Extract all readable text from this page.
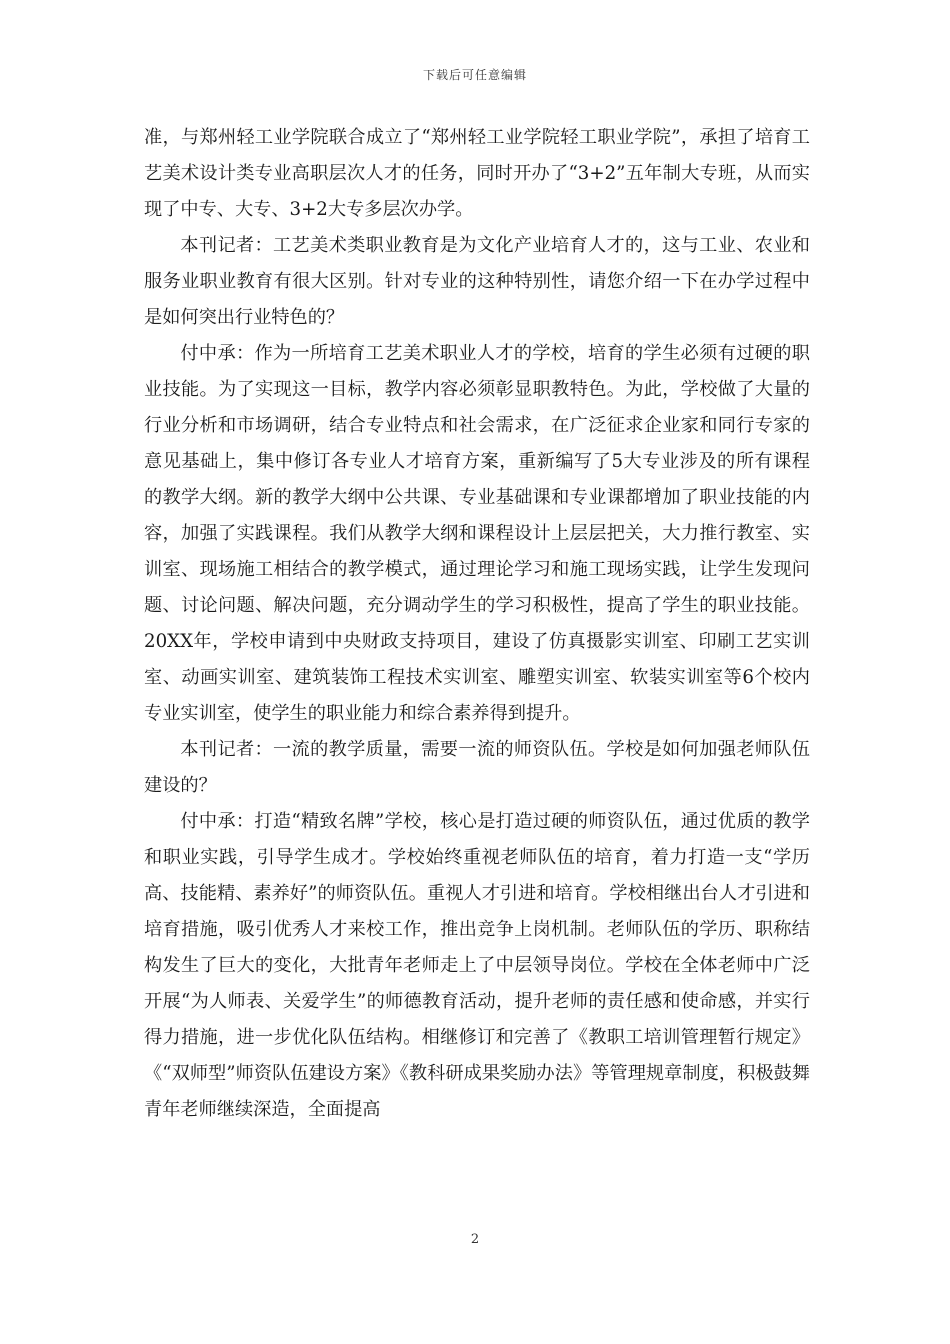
下载后可任意编辑

准，与郑州轻工业学院联合成立了“郑州轻工业学院轻工职业学院”，承担了培育工艺美术设计类专业高职层次人才的任务，同时开办了“3+2”五年制大专班，从而实现了中专、大专、3+2大专多层次办学。

本刊记者：工艺美术类职业教育是为文化产业培育人才的，这与工业、农业和服务业职业教育有很大区别。针对专业的这种特别性，请您介绍一下在办学过程中是如何突出行业特色的？

付中承：作为一所培育工艺美术职业人才的学校，培育的学生必须有过硬的职业技能。为了实现这一目标，教学内容必须彰显职教特色。为此，学校做了大量的行业分析和市场调研，结合专业特点和社会需求，在广泛征求企业家和同行专家的意见基础上，集中修订各专业人才培育方案，重新编写了5大专业涉及的所有课程的教学大纲。新的教学大纲中公共课、专业基础课和专业课都增加了职业技能的内容，加强了实践课程。我们从教学大纲和课程设计上层层把关，大力推行教室、实训室、现场施工相结合的教学模式，通过理论学习和施工现场实践，让学生发现问题、讨论问题、解决问题，充分调动学生的学习积极性，提高了学生的职业技能。20XX年，学校申请到中央财政支持项目，建设了仿真摄影实训室、印刷工艺实训室、动画实训室、建筑装饰工程技术实训室、雕塑实训室、软装实训室等6个校内专业实训室，使学生的职业能力和综合素养得到提升。

本刊记者：一流的教学质量，需要一流的师资队伍。学校是如何加强老师队伍建设的？

付中承：打造“精致名牌”学校，核心是打造过硬的师资队伍，通过优质的教学和职业实践，引导学生成才。学校始终重视老师队伍的培育，着力打造一支“学历高、技能精、素养好”的师资队伍。重视人才引进和培育。学校相继出台人才引进和培育措施，吸引优秀人才来校工作，推出竞争上岗机制。老师队伍的学历、职称结构发生了巨大的变化，大批青年老师走上了中层领导岗位。学校在全体老师中广泛开展“为人师表、关爱学生”的师德教育活动，提升老师的责任感和使命感，并实行得力措施，进一步优化队伍结构。相继修订和完善了《教职工培训管理暂行规定》《“双师型”师资队伍建设方案》《教科研成果奖励办法》等管理规章制度，积极鼓舞青年老师继续深造，全面提高

2
